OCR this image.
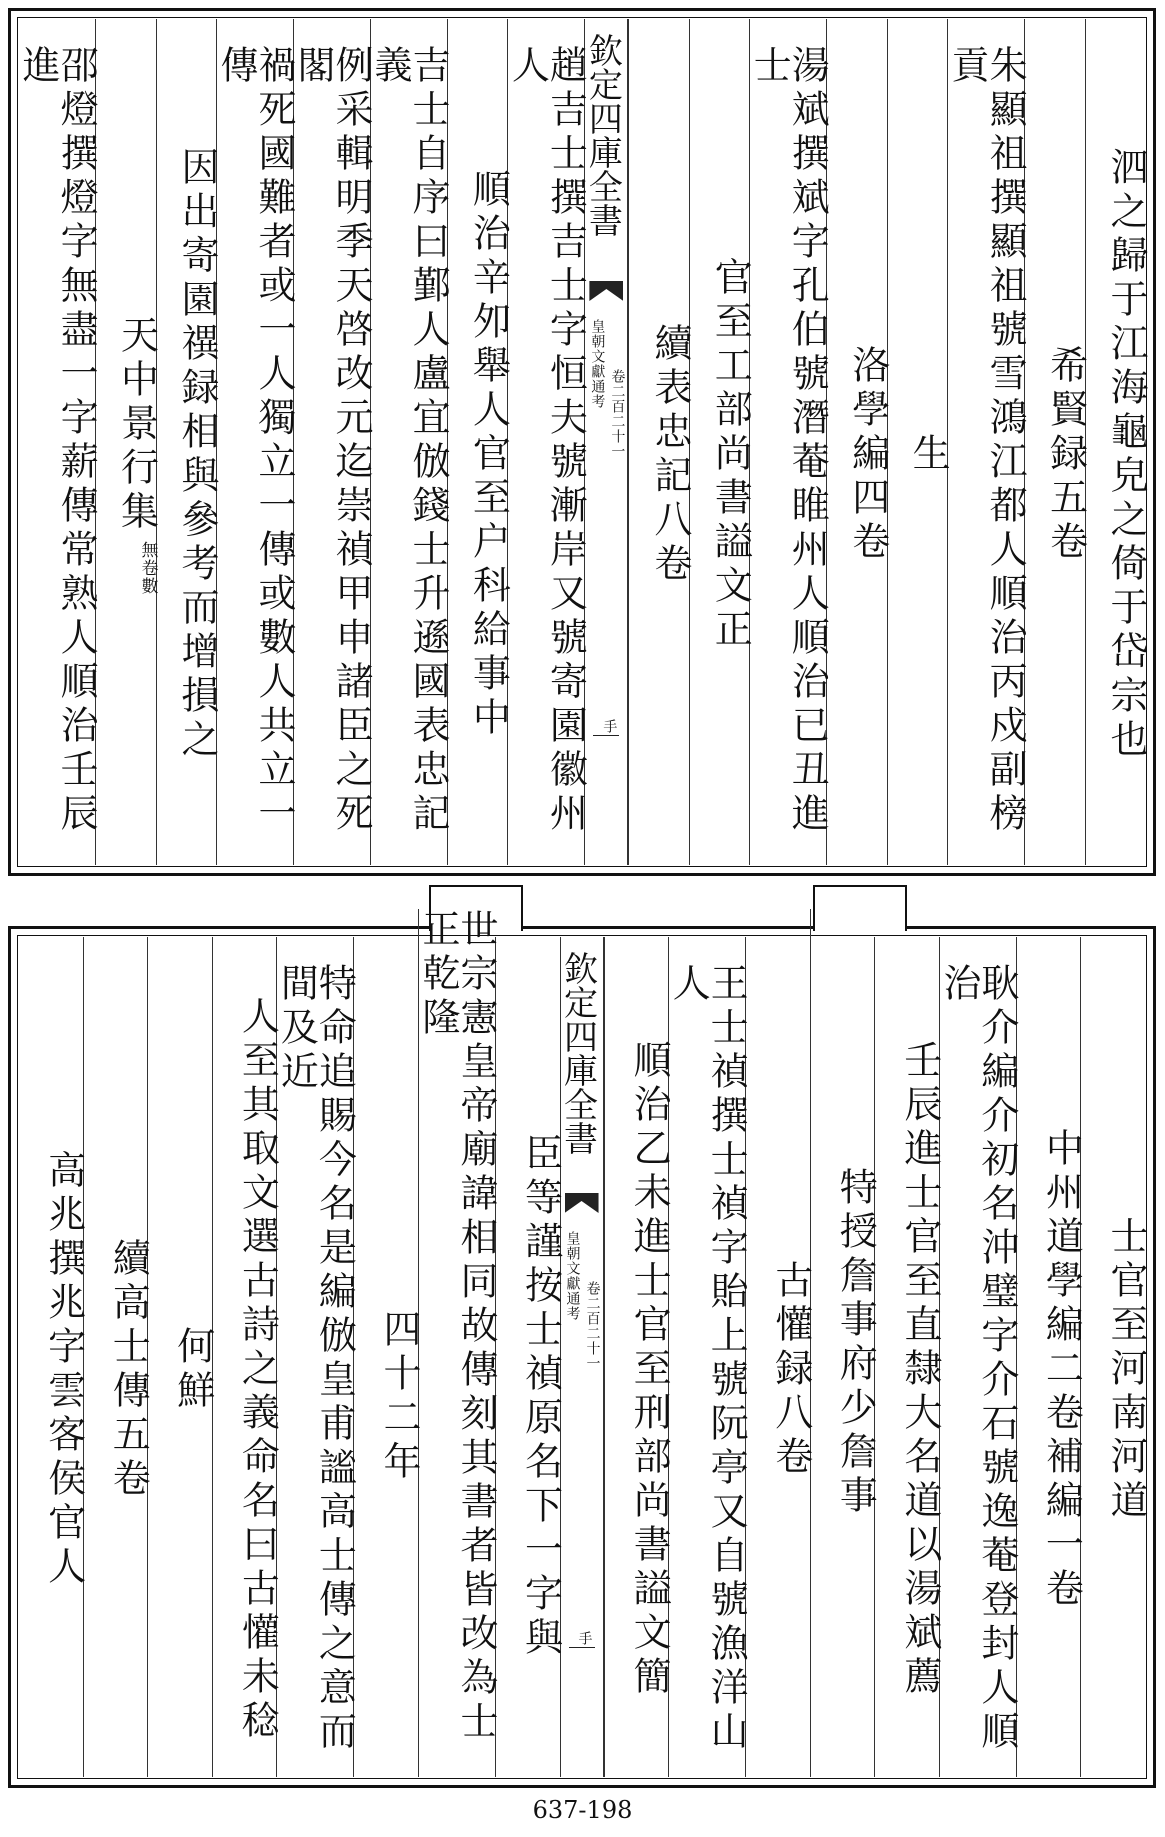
泗之歸于江海龜皃之倚于岱宗也
希賢録五卷
朱顯祖撰顯祖號雪鴻江都人順治丙戍副榜貢
生
洛學編四卷
湯斌撰斌字孔伯號潛菴睢州人順治已丑進士
官至工部尚書謚文正
續表忠記八卷
欽定四庫全書
皇朝文獻通考
卷二百二十一
手
趙吉士撰吉士字恒夫號漸岸又號寄園徽州人
順治辛夘舉人官至户科給事中
吉士自序曰鄞人盧宜倣錢士升遜國表忠記義
例采輯明季天啓改元迄崇禎甲申諸臣之死閣
禍死國難者或一人獨立一傳或數人共立一傳
因出寄園禩録相與參考而增損之
天中景行集
無卷
數
邵燈撰燈字無盡一字薪傳常熟人順治壬辰進
士官至河南河道
中州道學編二卷補編一卷
耿介編介初名沖璧字介石號逸菴登封人順治
壬辰進士官至直隸大名道以湯斌薦
特授詹事府少詹事
古懽録八卷
王士禎撰士禎字貽上號阮亭又自號漁洋山人
順治乙未進士官至刑部尚書謚文簡
欽定四庫全書
皇朝文獻通考
卷二百二十一
手
臣等謹按士禎原名下一字與
世宗憲皇帝廟諱相同故傳刻其書者皆改為士正乾隆
四十二年
特命追賜今名是編倣皇甫謐高士傳之意而間及近
人至其取文選古詩之義命名曰古懽未稔
何鮮
續高士傳五卷
高兆撰兆字雲客侯官人
637-198
